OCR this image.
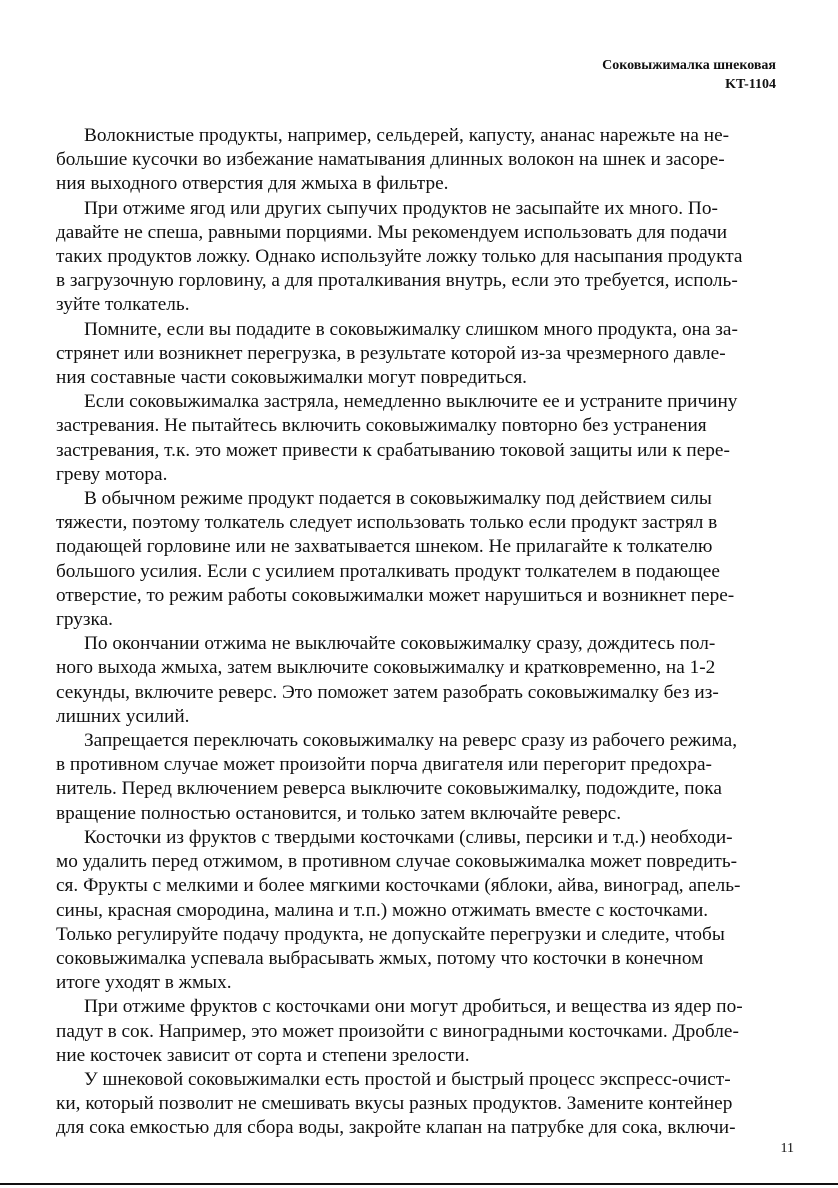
Соковыжималка шнековая
KT-1104
Волокнистые продукты, например, сельдерей, капусту, ананас нарежьте на не-
большие кусочки во избежание наматывания длинных волокон на шнек и засоре-
ния выходного отверстия для жмыха в фильтре.
При отжиме ягод или других сыпучих продуктов не засыпайте их много. По-
давайте не спеша, равными порциями. Мы рекомендуем использовать для подачи
таких продуктов ложку. Однако используйте ложку только для насыпания продукта
в загрузочную горловину, а для проталкивания внутрь, если это требуется, исполь-
зуйте толкатель.
Помните, если вы подадите в соковыжималку слишком много продукта, она за-
стрянет или возникнет перегрузка, в результате которой из-за чрезмерного давле-
ния составные части соковыжималки могут повредиться.
Если соковыжималка застряла, немедленно выключите ее и устраните причину
застревания. Не пытайтесь включить соковыжималку повторно без устранения
застревания, т.к. это может привести к срабатыванию токовой защиты или к пере-
греву мотора.
В обычном режиме продукт подается в соковыжималку под действием силы
тяжести, поэтому толкатель следует использовать только если продукт застрял в
подающей горловине или не захватывается шнеком. Не прилагайте к толкателю
большого усилия. Если с усилием проталкивать продукт толкателем в подающее
отверстие, то режим работы соковыжималки может нарушиться и возникнет пере-
грузка.
По окончании отжима не выключайте соковыжималку сразу, дождитесь пол-
ного выхода жмыха, затем выключите соковыжималку и кратковременно, на 1-2
секунды, включите реверс. Это поможет затем разобрать соковыжималку без из-
лишних усилий.
Запрещается переключать соковыжималку на реверс сразу из рабочего режима,
в противном случае может произойти порча двигателя или перегорит предохра-
нитель. Перед включением реверса выключите соковыжималку, подождите, пока
вращение полностью остановится, и только затем включайте реверс.
Косточки из фруктов с твердыми косточками (сливы, персики и т.д.) необходи-
мо удалить перед отжимом, в противном случае соковыжималка может повредить-
ся. Фрукты с мелкими и более мягкими косточками (яблоки, айва, виноград, апель-
сины, красная смородина, малина и т.п.) можно отжимать вместе с косточками.
Только регулируйте подачу продукта, не допускайте перегрузки и следите, чтобы
соковыжималка успевала выбрасывать жмых, потому что косточки в конечном
итоге уходят в жмых.
При отжиме фруктов с косточками они могут дробиться, и вещества из ядер по-
падут в сок. Например, это может произойти с виноградными косточками. Дробле-
ние косточек зависит от сорта и степени зрелости.
У шнековой соковыжималки есть простой и быстрый процесс экспресс-очист-
ки, который позволит не смешивать вкусы разных продуктов. Замените контейнер
для сока емкостью для сбора воды, закройте клапан на патрубке для сока, включи-
11
